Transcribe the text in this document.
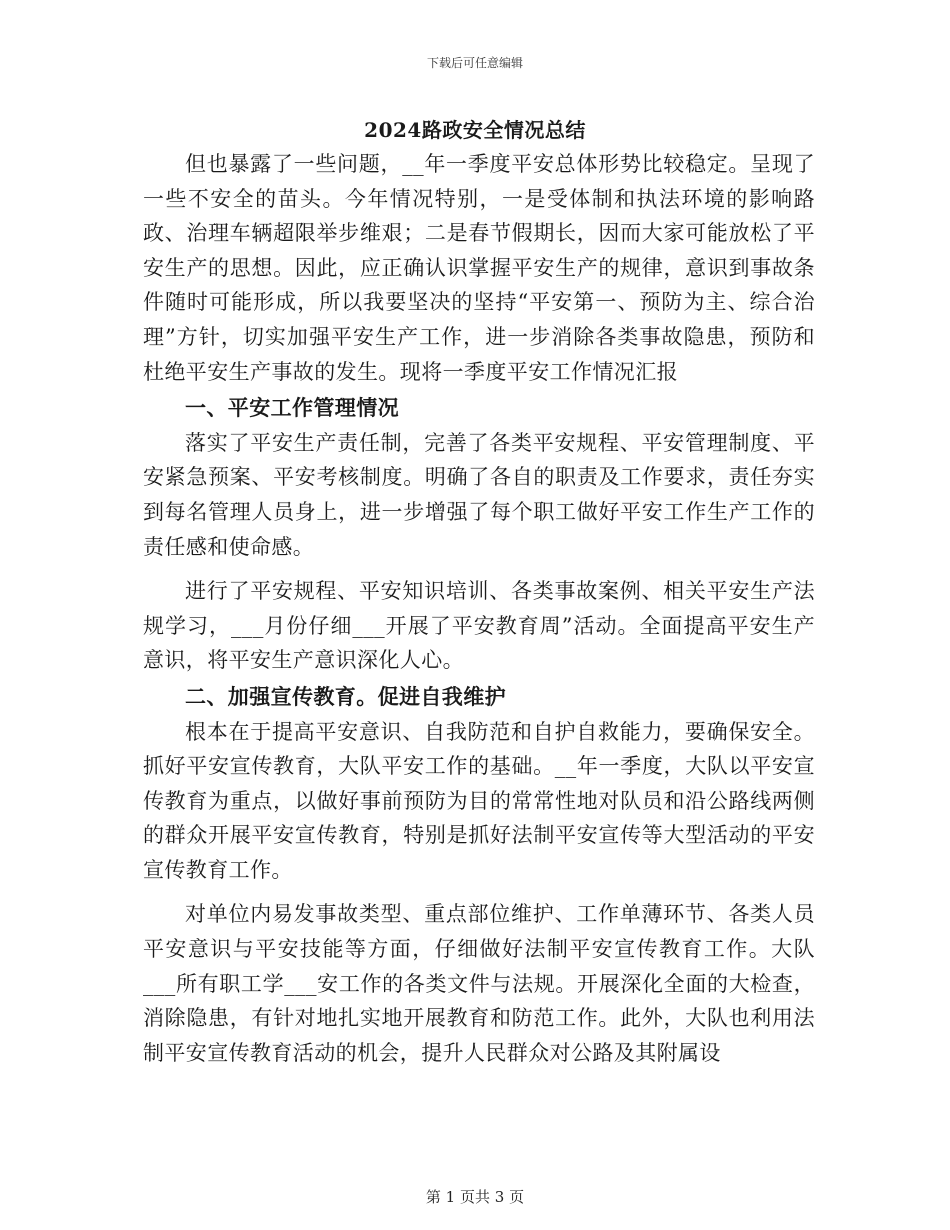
下载后可任意编辑
2024路政安全情况总结

但也暴露了一些问题，__年一季度平安总体形势比较稳定。呈现了一些不安全的苗头。今年情况特别，一是受体制和执法环境的影响路政、治理车辆超限举步维艰；二是春节假期长，因而大家可能放松了平安生产的思想。因此，应正确认识掌握平安生产的规律，意识到事故条件随时可能形成，所以我要坚决的坚持“平安第一、预防为主、综合治理”方针，切实加强平安生产工作，进一步消除各类事故隐患，预防和杜绝平安生产事故的发生。现将一季度平安工作情况汇报

一、平安工作管理情况

落实了平安生产责任制，完善了各类平安规程、平安管理制度、平安紧急预案、平安考核制度。明确了各自的职责及工作要求，责任夯实到每名管理人员身上，进一步增强了每个职工做好平安工作生产工作的责任感和使命感。

进行了平安规程、平安知识培训、各类事故案例、相关平安生产法规学习，___月份仔细___开展了平安教育周”活动。全面提高平安生产意识，将平安生产意识深化人心。

二、加强宣传教育。促进自我维护

根本在于提高平安意识、自我防范和自护自救能力，要确保安全。抓好平安宣传教育，大队平安工作的基础。__年一季度，大队以平安宣传教育为重点，以做好事前预防为目的常常性地对队员和沿公路线两侧的群众开展平安宣传教育，特别是抓好法制平安宣传等大型活动的平安宣传教育工作。

对单位内易发事故类型、重点部位维护、工作单薄环节、各类人员平安意识与平安技能等方面，仔细做好法制平安宣传教育工作。大队___所有职工学___安工作的各类文件与法规。开展深化全面的大检查，消除隐患，有针对地扎实地开展教育和防范工作。此外，大队也利用法制平安宣传教育活动的机会，提升人民群众对公路及其附属设

第 1 页共 3 页
